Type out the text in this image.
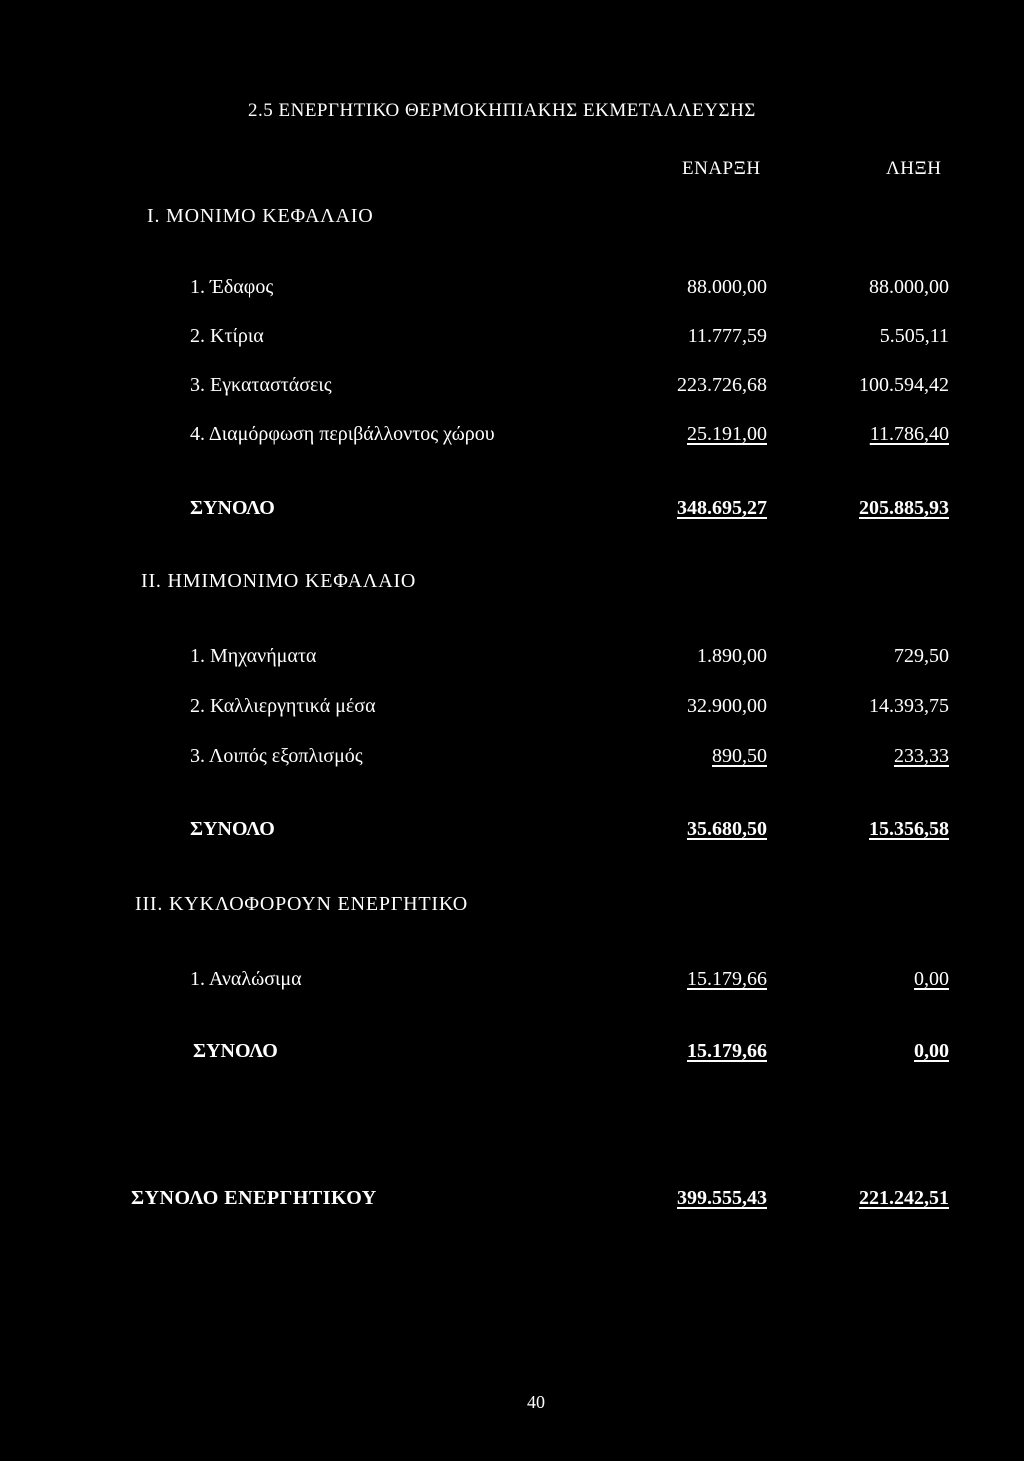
2.5 ΕΝΕΡΓΗΤΙΚΟ ΘΕΡΜΟΚΗΠΙΑΚΗΣ ΕΚΜΕΤΑΛΛΕΥΣΗΣ
ΕΝΑΡΞΗ	ΛΗΞΗ
Ι. ΜΟΝΙΜΟ ΚΕΦΑΛΑΙΟ
1. Έδαφος	88.000,00	88.000,00
2. Κτίρια	11.777,59	5.505,11
3. Εγκαταστάσεις	223.726,68	100.594,42
4. Διαμόρφωση περιβάλλοντος χώρου	25.191,00	11.786,40
ΣΥΝΟΛΟ	348.695,27	205.885,93
ΙΙ. ΗΜΙΜΟΝΙΜΟ ΚΕΦΑΛΑΙΟ
1. Μηχανήματα	1.890,00	729,50
2. Καλλιεργητικά μέσα	32.900,00	14.393,75
3. Λοιπός εξοπλισμός	890,50	233,33
ΣΥΝΟΛΟ	35.680,50	15.356,58
ΙΙΙ. ΚΥΚΛΟΦΟΡΟΥΝ ΕΝΕΡΓΗΤΙΚΟ
1. Αναλώσιμα	15.179,66	0,00
ΣΥΝΟΛΟ	15.179,66	0,00
ΣΥΝΟΛΟ ΕΝΕΡΓΗΤΙΚΟΥ	399.555,43	221.242,51
40
